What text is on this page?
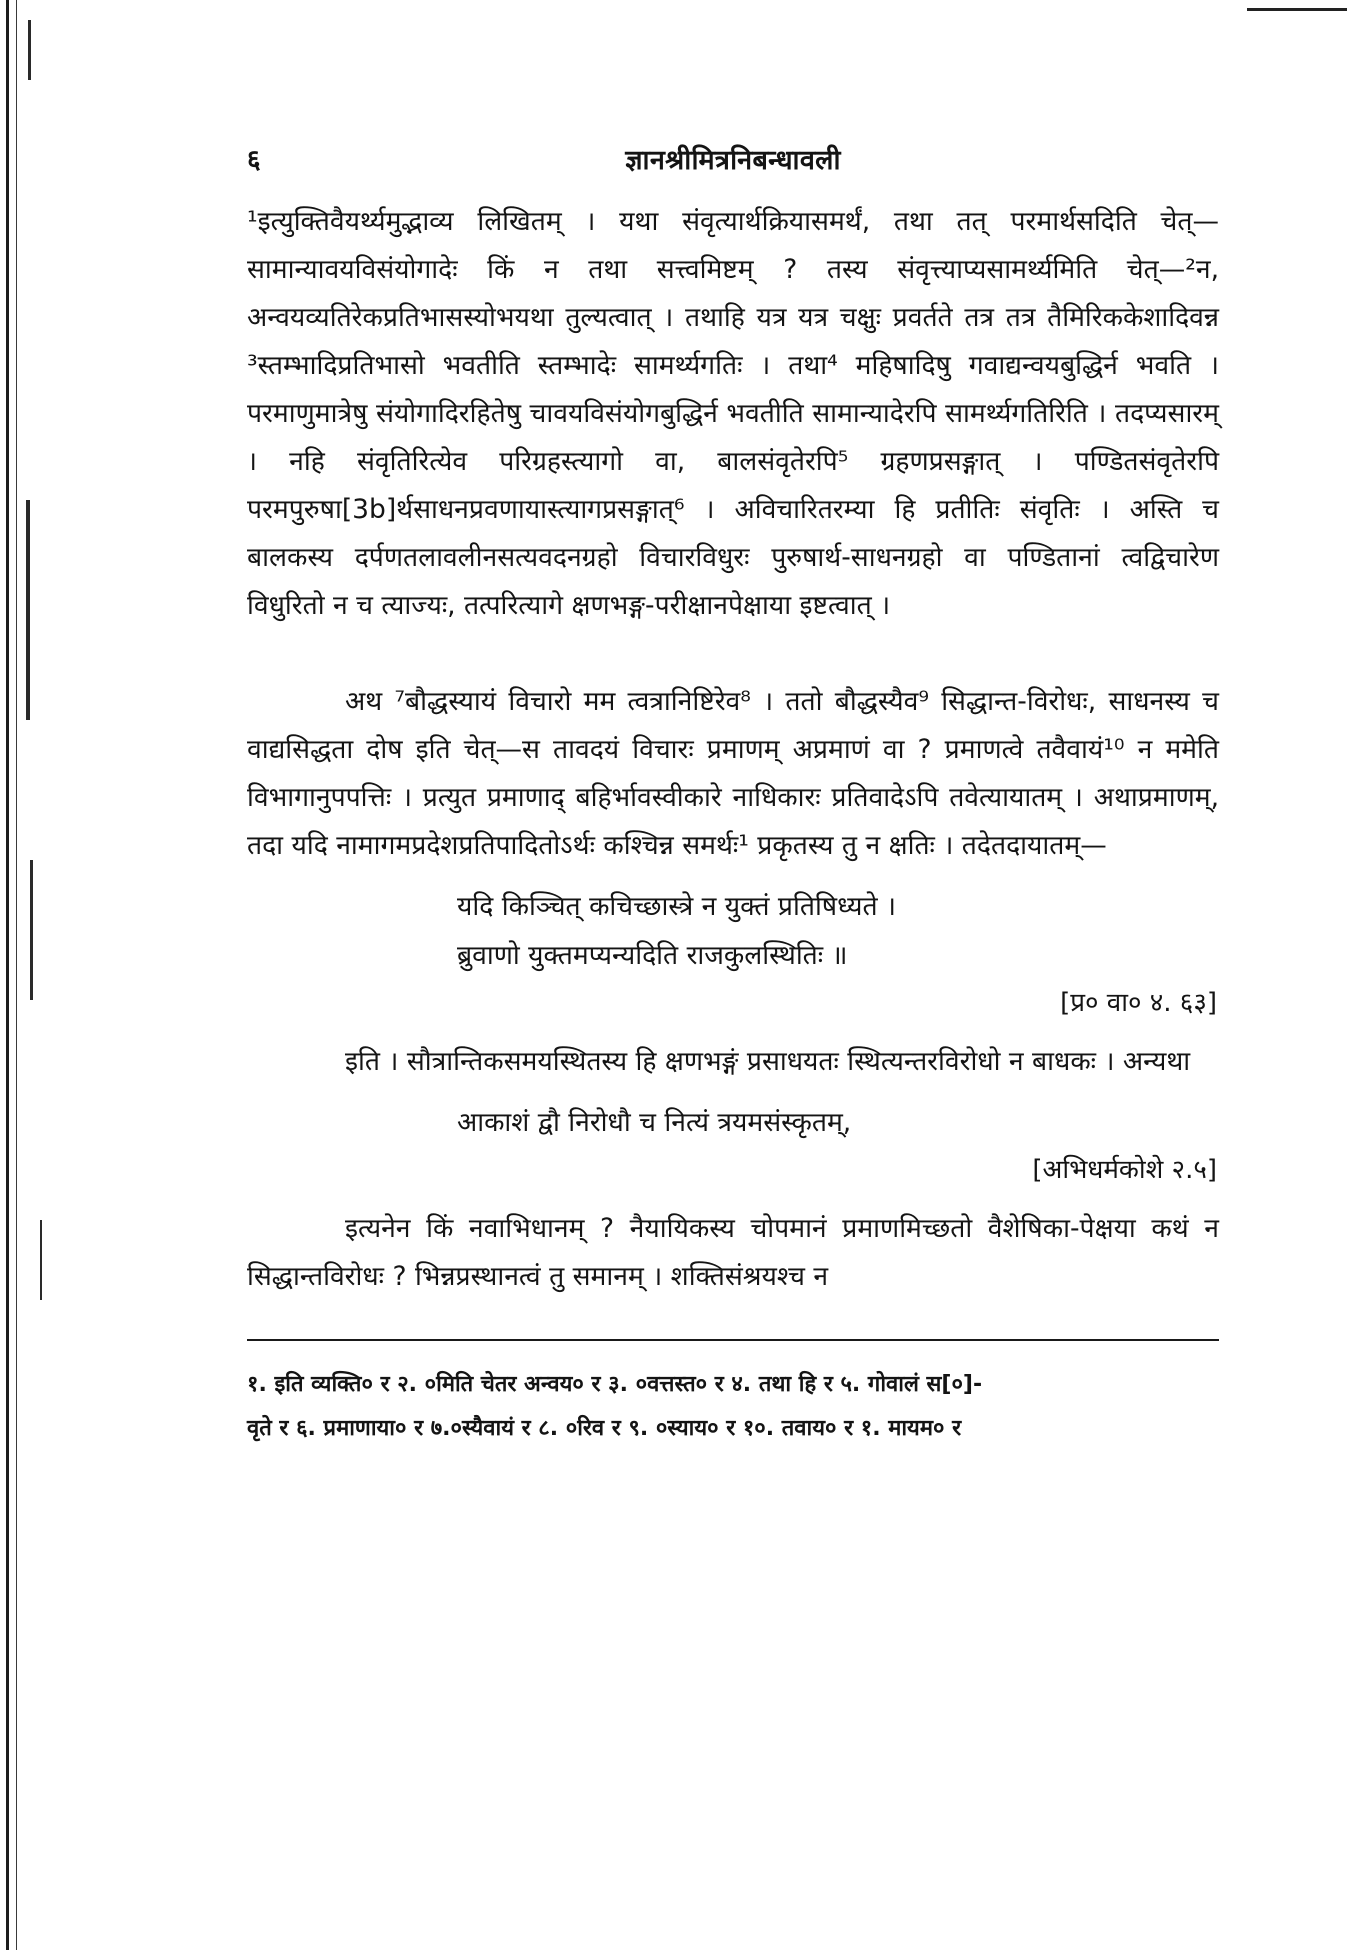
६	ज्ञानश्रीमित्रनिबन्धावली

¹इत्युक्तिवैयर्थ्यमुद्भाव्य लिखितम् । यथा संवृत्यार्थक्रियासमर्थं, तथा तत् परमार्थसदिति चेत्—सामान्यावयविसंयोगादेः किं न तथा सत्त्वमिष्टम् ? तस्य संवृत्त्याप्यसामर्थ्यमिति चेत्—²न, अन्वयव्यतिरेकप्रतिभासस्योभयथा तुल्यत्वात् । तथाहि यत्र यत्र चक्षुः प्रवर्तते तत्र तत्र तैमिरिककेशादिवन्न ³स्तम्भादिप्रतिभासो भवतीति स्तम्भादेः सामर्थ्यगतिः । तथा⁴ महिषादिषु गवाद्यन्वयबुद्धिर्न भवति । परमाणुमात्रेषु संयोगादिरहितेषु चावयविसंयोगबुद्धिर्न भवतीति सामान्यादेरपि सामर्थ्यगतिरिति । तदप्यसारम् । नहि संवृतिरित्येव परिग्रहस्त्यागो वा, बालसंवृतेरपि⁵ ग्रहणप्रसङ्गात् । पण्डितसंवृतेरपि परमपुरुषा[3b]र्थसाधनप्रवणायास्त्यागप्रसङ्गात्⁶ । अविचारितरम्या हि प्रतीतिः संवृतिः । अस्ति च बालकस्य दर्पणतलावलीनसत्यवदनग्रहो विचारविधुरः पुरुषार्थ-साधनग्रहो वा पण्डितानां त्वद्विचारेण विधुरितो न च त्याज्यः, तत्परित्यागे क्षणभङ्ग-परीक्षानपेक्षाया इष्टत्वात् ।

अथ ⁷बौद्धस्यायं विचारो मम त्वत्रानिष्टिरेव⁸ । ततो बौद्धस्यैव⁹ सिद्धान्त-विरोधः, साधनस्य च वाद्यसिद्धता दोष इति चेत्—स तावदयं विचारः प्रमाणम् अप्रमाणं वा ? प्रमाणत्वे तवैवायं¹⁰ न ममेति विभागानुपपत्तिः । प्रत्युत प्रमाणाद् बहिर्भावस्वीकारे नाधिकारः प्रतिवादेऽपि तवेत्यायातम् । अथाप्रमाणम्, तदा यदि नामागमप्रदेशप्रतिपादितोऽर्थः कश्चिन्न समर्थः¹ प्रकृतस्य तु न क्षतिः । तदेतदायातम्—

यदि किञ्चित् कचिच्छास्त्रे न युक्तं प्रतिषिध्यते ।

ब्रुवाणो युक्तमप्यन्यदिति राजकुलस्थितिः ॥

[प्र० वा० ४. ६३]

इति । सौत्रान्तिकसमयस्थितस्य हि क्षणभङ्गं प्रसाधयतः स्थित्यन्तरविरोधो न बाधकः । अन्यथा

आकाशं द्वौ निरोधौ च नित्यं त्रयमसंस्कृतम्,

[अभिधर्मकोशे २.५]

इत्यनेन किं नवाभिधानम् ? नैयायिकस्य चोपमानं प्रमाणमिच्छतो वैशेषिका-पेक्षया कथं न सिद्धान्तविरोधः ? भिन्नप्रस्थानत्वं तु समानम् । शक्तिसंश्रयश्च न

१. इति व्यक्ति० र २. ०मिति चेतर अन्वय० र ३. ०वत्तस्त० र ४. तथा हि र ५. गोवालं स[०]-

वृते र ६. प्रमाणाया० र ७.०स्यैवायं र ८. ०रिव र ९. ०स्याय० र १०. तवाय० र १. मायम० र
